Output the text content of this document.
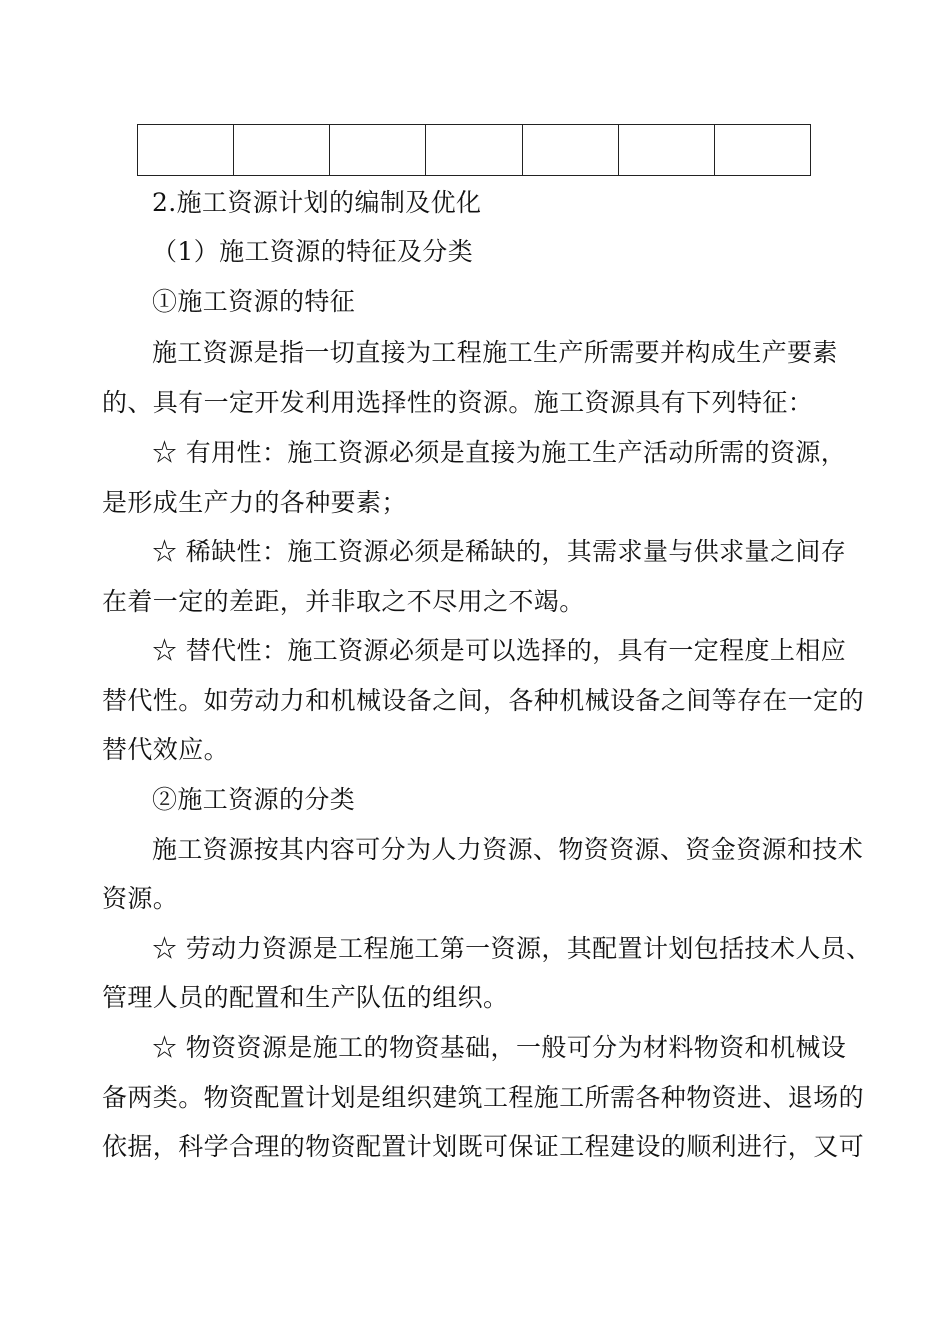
2.施工资源计划的编制及优化
（1）施工资源的特征及分类
①施工资源的特征
施工资源是指一切直接为工程施工生产所需要并构成生产要素
的、具有一定开发利用选择性的资源。施工资源具有下列特征：
☆ 有用性：施工资源必须是直接为施工生产活动所需的资源，
是形成生产力的各种要素；
☆ 稀缺性：施工资源必须是稀缺的，其需求量与供求量之间存
在着一定的差距，并非取之不尽用之不竭。
☆ 替代性：施工资源必须是可以选择的，具有一定程度上相应
替代性。如劳动力和机械设备之间，各种机械设备之间等存在一定的
替代效应。
②施工资源的分类
施工资源按其内容可分为人力资源、物资资源、资金资源和技术
资源。
☆ 劳动力资源是工程施工第一资源，其配置计划包括技术人员、
管理人员的配置和生产队伍的组织。
☆ 物资资源是施工的物资基础，一般可分为材料物资和机械设
备两类。物资配置计划是组织建筑工程施工所需各种物资进、退场的
依据，科学合理的物资配置计划既可保证工程建设的顺利进行，又可
